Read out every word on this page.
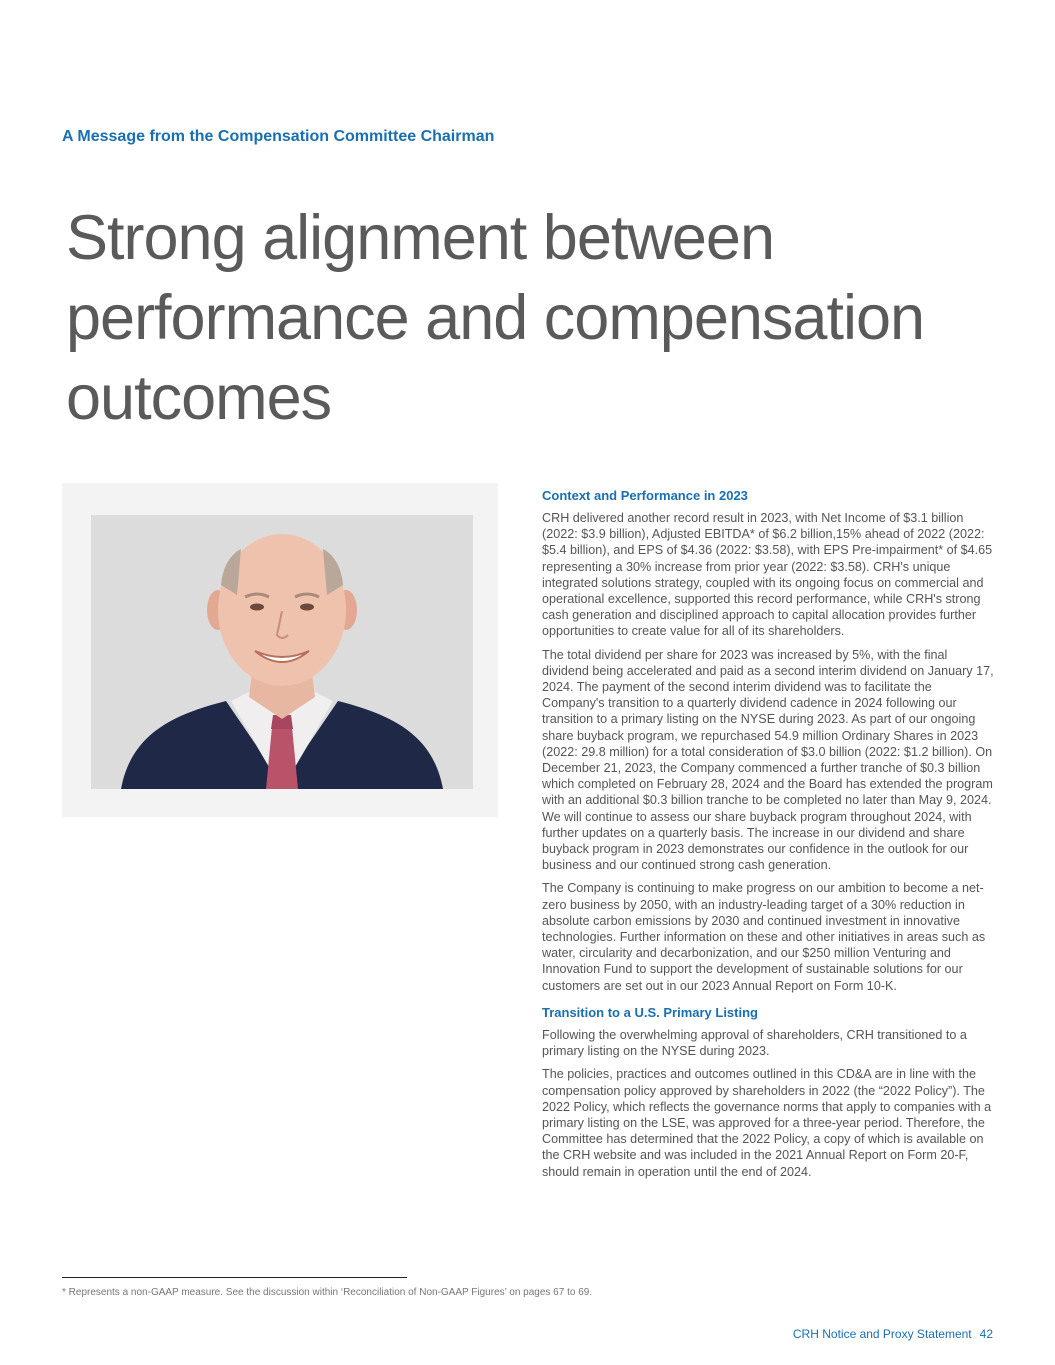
A Message from the Compensation Committee Chairman
Strong alignment between performance and compensation outcomes
Context and Performance in 2023

CRH delivered another record result in 2023, with Net Income of $3.1 billion (2022: $3.9 billion), Adjusted EBITDA* of $6.2 billion,15% ahead of 2022 (2022: $5.4 billion), and EPS of $4.36 (2022: $3.58), with EPS Pre-impairment* of $4.65 representing a 30% increase from prior year (2022: $3.58). CRH's unique integrated solutions strategy, coupled with its ongoing focus on commercial and operational excellence, supported this record performance, while CRH's strong cash generation and disciplined approach to capital allocation provides further opportunities to create value for all of its shareholders.

The total dividend per share for 2023 was increased by 5%, with the final dividend being accelerated and paid as a second interim dividend on January 17, 2024. The payment of the second interim dividend was to facilitate the Company's transition to a quarterly dividend cadence in 2024 following our transition to a primary listing on the NYSE during 2023. As part of our ongoing share buyback program, we repurchased 54.9 million Ordinary Shares in 2023 (2022: 29.8 million) for a total consideration of $3.0 billion (2022: $1.2 billion). On December 21, 2023, the Company commenced a further tranche of $0.3 billion which completed on February 28, 2024 and the Board has extended the program with an additional $0.3 billion tranche to be completed no later than May 9, 2024. We will continue to assess our share buyback program throughout 2024, with further updates on a quarterly basis. The increase in our dividend and share buyback program in 2023 demonstrates our confidence in the outlook for our business and our continued strong cash generation.

The Company is continuing to make progress on our ambition to become a net-zero business by 2050, with an industry-leading target of a 30% reduction in absolute carbon emissions by 2030 and continued investment in innovative technologies. Further information on these and other initiatives in areas such as water, circularity and decarbonization, and our $250 million Venturing and Innovation Fund to support the development of sustainable solutions for our customers are set out in our 2023 Annual Report on Form 10-K.

Transition to a U.S. Primary Listing

Following the overwhelming approval of shareholders, CRH transitioned to a primary listing on the NYSE during 2023.

The policies, practices and outcomes outlined in this CD&A are in line with the compensation policy approved by shareholders in 2022 (the “2022 Policy”). The 2022 Policy, which reflects the governance norms that apply to companies with a primary listing on the LSE, was approved for a three-year period. Therefore, the Committee has determined that the 2022 Policy, a copy of which is available on the CRH website and was included in the 2021 Annual Report on Form 20-F, should remain in operation until the end of 2024.

* Represents a non-GAAP measure. See the discussion within ‘Reconciliation of Non-GAAP Figures’ on pages 67 to 69.

CRH Notice and Proxy Statement 42
